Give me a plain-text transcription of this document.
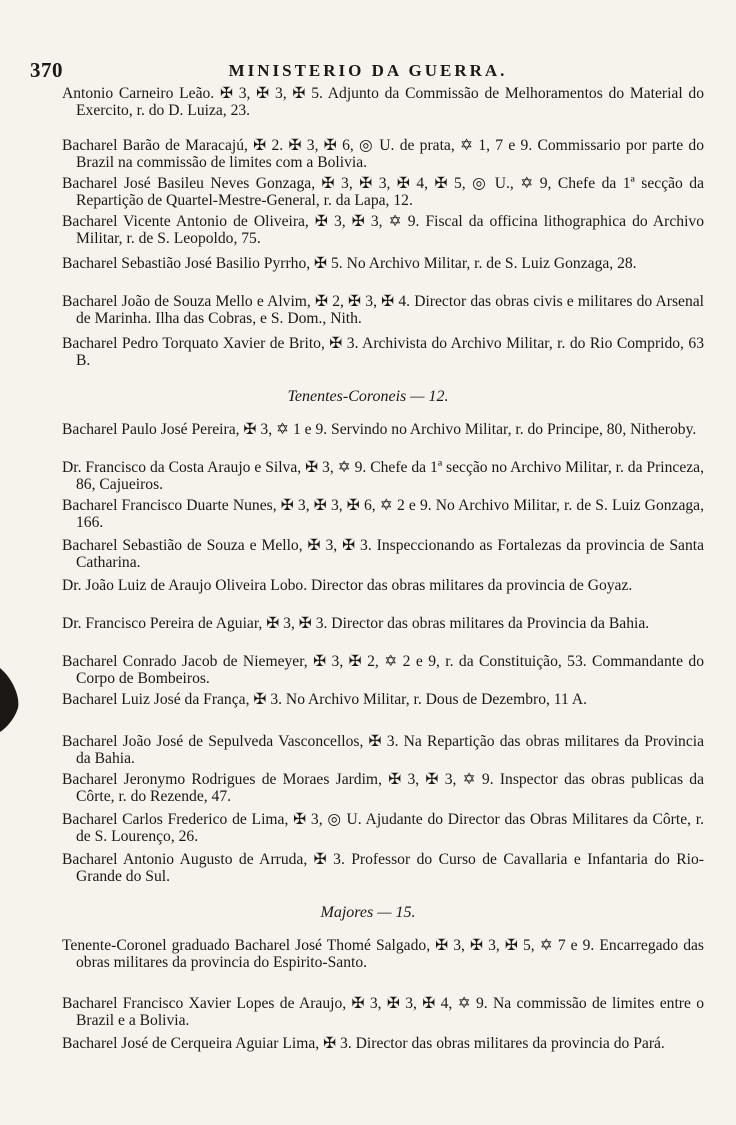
370	MINISTERIO DA GUERRA.
Antonio Carneiro Leão. ✠ 3, ✠ 3, ✠ 5. Adjunto da Commissão de Melhoramentos do Material do Exercito, r. do D. Luiza, 23.
Bacharel Barão de Maracajú, ✠ 2. ✠ 3, ✠ 6, ◎ U. de prata, ✡ 1, 7 e 9. Commissario por parte do Brazil na commissão de limites com a Bolivia.
Bacharel José Basileu Neves Gonzaga, ✠ 3, ✠ 3, ✠ 4, ✠ 5, ◎ U., ✡ 9, Chefe da 1ª secção da Repartição de Quartel-Mestre-General, r. da Lapa, 12.
Bacharel Vicente Antonio de Oliveira, ✠ 3, ✠ 3, ✡ 9. Fiscal da officina lithographica do Archivo Militar, r. de S. Leopoldo, 75.
Bacharel Sebastião José Basilio Pyrrho, ✠ 5. No Archivo Militar, r. de S. Luiz Gonzaga, 28.
Bacharel João de Souza Mello e Alvim, ✠ 2, ✠ 3, ✠ 4. Director das obras civis e militares do Arsenal de Marinha. Ilha das Cobras, e S. Dom., Nith.
Bacharel Pedro Torquato Xavier de Brito, ✠ 3. Archivista do Archivo Militar, r. do Rio Comprido, 63 B.
Tenentes-Coroneis — 12.
Bacharel Paulo José Pereira, ✠ 3, ✡ 1 e 9. Servindo no Archivo Militar, r. do Principe, 80, Nitheroby.
Dr. Francisco da Costa Araujo e Silva, ✠ 3, ✡ 9. Chefe da 1ª secção no Archivo Militar, r. da Princeza, 86, Cajueiros.
Bacharel Francisco Duarte Nunes, ✠ 3, ✠ 3, ✠ 6, ✡ 2 e 9. No Archivo Militar, r. de S. Luiz Gonzaga, 166.
Bacharel Sebastião de Souza e Mello, ✠ 3, ✠ 3. Inspeccionando as Fortalezas da provincia de Santa Catharina.
Dr. João Luiz de Araujo Oliveira Lobo. Director das obras militares da provincia de Goyaz.
Dr. Francisco Pereira de Aguiar, ✠ 3, ✠ 3. Director das obras militares da Provincia da Bahia.
Bacharel Conrado Jacob de Niemeyer, ✠ 3, ✠ 2, ✡ 2 e 9, r. da Constituição, 53. Commandante do Corpo de Bombeiros.
Bacharel Luiz José da França, ✠ 3. No Archivo Militar, r. Dous de Dezembro, 11 A.
Bacharel João José de Sepulveda Vasconcellos, ✠ 3. Na Repartição das obras militares da Provincia da Bahia.
Bacharel Jeronymo Rodrigues de Moraes Jardim, ✠ 3, ✠ 3, ✡ 9. Inspector das obras publicas da Côrte, r. do Rezende, 47.
Bacharel Carlos Frederico de Lima, ✠ 3, ◎ U. Ajudante do Director das Obras Militares da Côrte, r. de S. Lourenço, 26.
Bacharel Antonio Augusto de Arruda, ✠ 3. Professor do Curso de Cavallaria e Infantaria do Rio-Grande do Sul.
Majores — 15.
Tenente-Coronel graduado Bacharel José Thomé Salgado, ✠ 3, ✠ 3, ✠ 5, ✡ 7 e 9. Encarregado das obras militares da provincia do Espirito-Santo.
Bacharel Francisco Xavier Lopes de Araujo, ✠ 3, ✠ 3, ✠ 4, ✡ 9. Na commissão de limites entre o Brazil e a Bolivia.
Bacharel José de Cerqueira Aguiar Lima, ✠ 3. Director das obras militares da provincia do Pará.
